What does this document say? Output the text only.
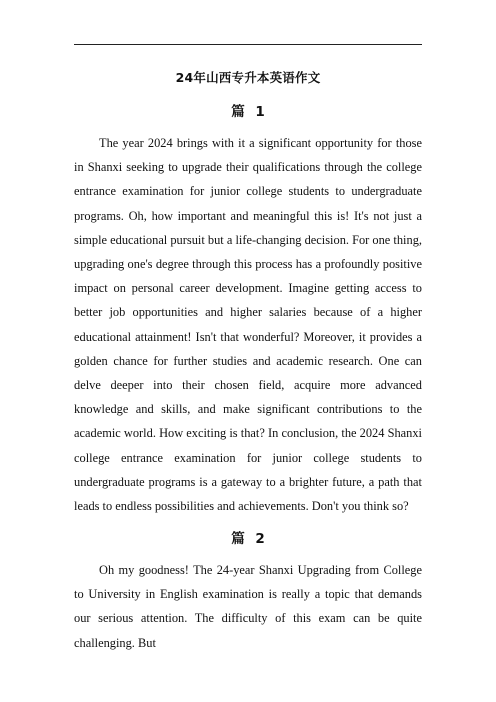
24年山西专升本英语作文
篇 1

The year 2024 brings with it a significant opportunity for those in Shanxi seeking to upgrade their qualifications through the college entrance examination for junior college students to undergraduate programs. Oh, how important and meaningful this is! It's not just a simple educational pursuit but a life-changing decision. For one thing, upgrading one's degree through this process has a profoundly positive impact on personal career development. Imagine getting access to better job opportunities and higher salaries because of a higher educational attainment! Isn't that wonderful? Moreover, it provides a golden chance for further studies and academic research. One can delve deeper into their chosen field, acquire more advanced knowledge and skills, and make significant contributions to the academic world. How exciting is that? In conclusion, the 2024 Shanxi college entrance examination for junior college students to undergraduate programs is a gateway to a brighter future, a path that leads to endless possibilities and achievements. Don't you think so?

篇 2

Oh my goodness! The 24-year Shanxi Upgrading from College to University in English examination is really a topic that demands our serious attention. The difficulty of this exam can be quite challenging. But
